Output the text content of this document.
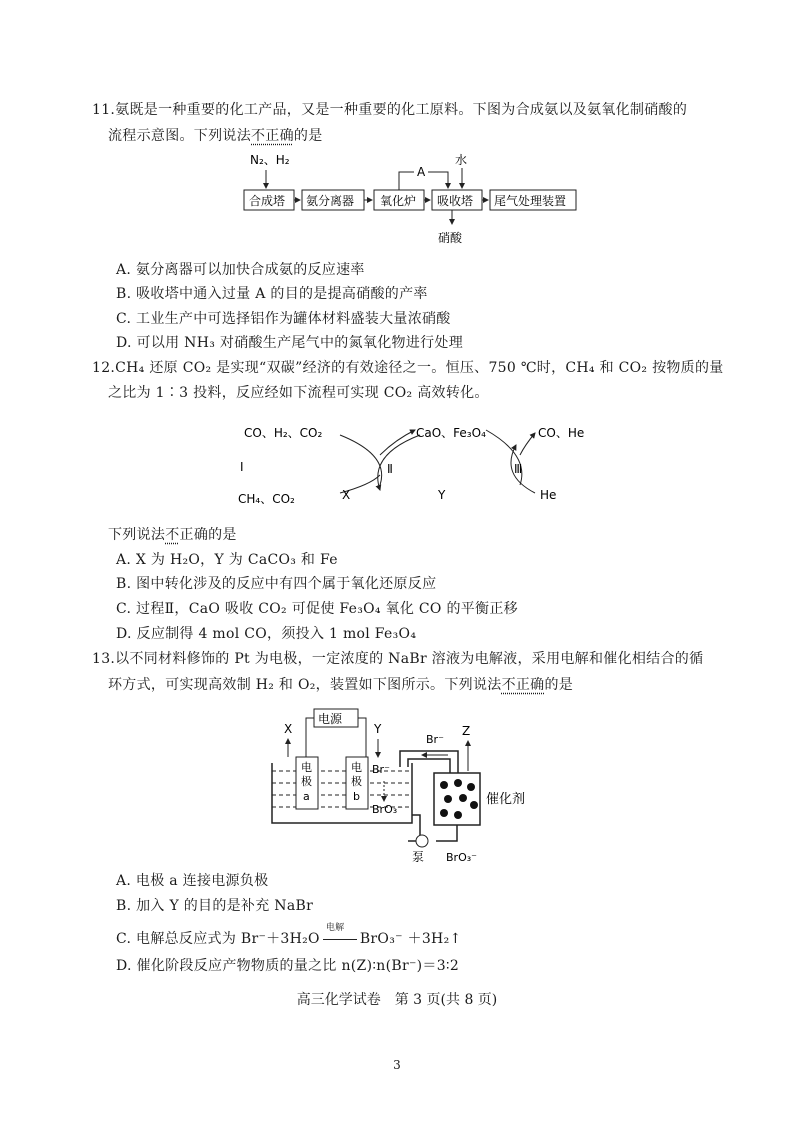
11.氨既是一种重要的化工产品，又是一种重要的化工原料。下图为合成氨以及氨氧化制硝酸的
流程示意图。下列说法不正确的是
N₂、H₂
合成塔 氨分离器 氧化炉 吸收塔 尾气处理装置
A
水
硝酸
A. 氨分离器可以加快合成氨的反应速率
B. 吸收塔中通入过量 A 的目的是提高硝酸的产率
C. 工业生产中可选择铝作为罐体材料盛装大量浓硝酸
D. 可以用 NH₃ 对硝酸生产尾气中的氮氧化物进行处理
12.CH₄ 还原 CO₂ 是实现“双碳”经济的有效途径之一。恒压、750 ℃时，CH₄ 和 CO₂ 按物质的量
之比为 1∶3 投料，反应经如下流程可实现 CO₂ 高效转化。
CO、H₂、CO₂
I
CH₄、CO₂
Ⅱ
X
CaO、Fe₃O₄
Y
Ⅲ
CO、He
He
下列说法不正确的是
A. X 为 H₂O，Y 为 CaCO₃ 和 Fe
B. 图中转化涉及的反应中有四个属于氧化还原反应
C. 过程Ⅱ，CaO 吸收 CO₂ 可促使 Fe₃O₄ 氧化 CO 的平衡正移
D. 反应制得 4 mol CO，须投入 1 mol Fe₃O₄
13.以不同材料修饰的 Pt 为电极，一定浓度的 NaBr 溶液为电解液，采用电解和催化相结合的循
环方式，可实现高效制 H₂ 和 O₂，装置如下图所示。下列说法不正确的是
电源
X	Y
电
极
a
电
极
b
Br⁻
BrO₃⁻
Br⁻
催化剂
Z
泵 BrO₃⁻
A. 电极 a 连接电源负极
B. 加入 Y 的目的是补充 NaBr
C. 电解总反应式为 Br⁻＋3H₂O
电解
BrO₃⁻ ＋3H₂↑
D. 催化阶段反应产物物质的量之比 n(Z)∶n(Br⁻)＝3∶2
高三化学试卷　第 3 页(共 8 页)
3
